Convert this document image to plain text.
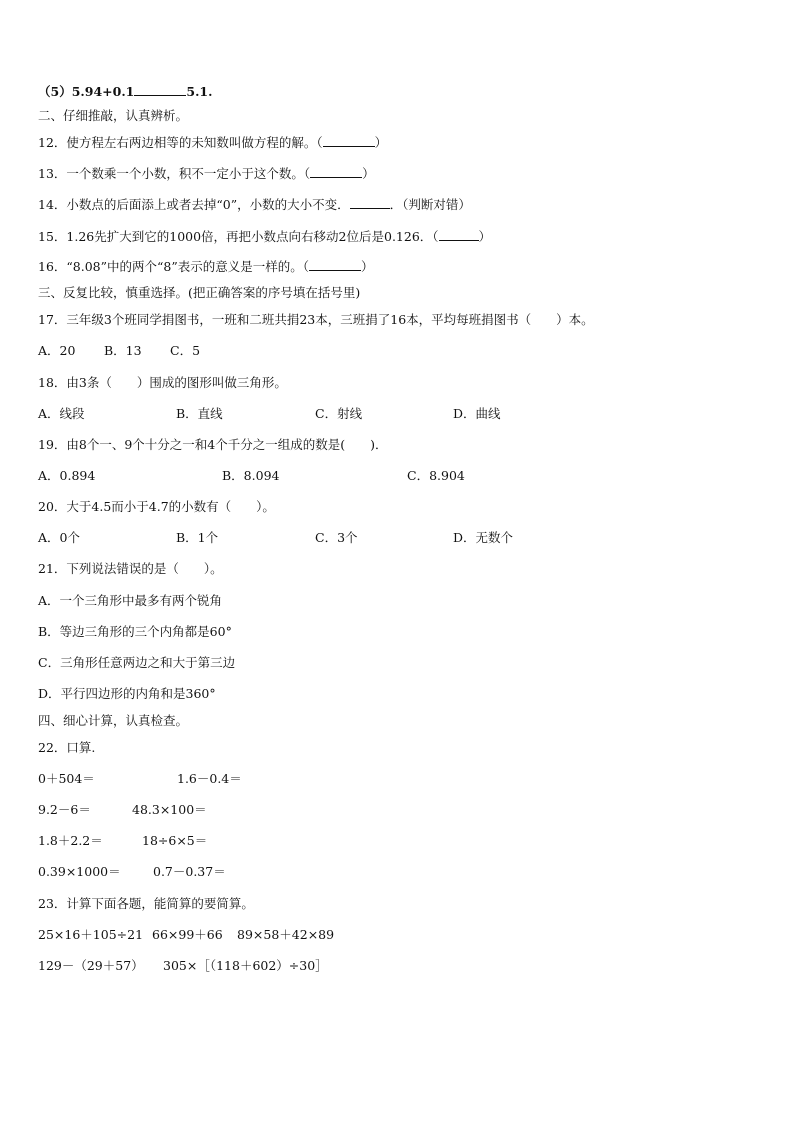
（5）5.94+0.1	5.1.
二、仔细推敲，认真辨析。
12．使方程左右两边相等的未知数叫做方程的解。（	）
13．一个数乘一个小数，积不一定小于这个数。（	）
14．小数点的后面添上或者去掉“0”，小数的大小不变．	．（判断对错）
15．1.26先扩大到它的1000倍，再把小数点向右移动2位后是0.126．（	）
16．“8.08”中的两个“8”表示的意义是一样的。（	）
三、反复比较，慎重选择。(把正确答案的序号填在括号里)
17．三年级3个班同学捐图书，一班和二班共捐23本，三班捐了16本，平均每班捐图书（　　）本。
A．20 B．13 C．5
18．由3条（　　）围成的图形叫做三角形。
A．线段	B．直线	C．射线	D．曲线
19．由8个一、9个十分之一和4个千分之一组成的数是(　　)．
A．0.894	B．8.094	C．8.904
20．大于4.5而小于4.7的小数有（　　）。
A．0个	B．1个	C．3个	D．无数个
21．下列说法错误的是（　　）。
A．一个三角形中最多有两个锐角
B．等边三角形的三个内角都是60°
C．三角形任意两边之和大于第三边
D．平行四边形的内角和是360°
四、细心计算，认真检查。
22．口算.
0＋504＝	1.6－0.4＝
9.2－6＝	48.3×100＝
1.8＋2.2＝	18÷6×5＝
0.39×1000＝	0.7－0.37＝
23．计算下面各题，能简算的要简算。
25×16＋105÷21 66×99＋66 89×58＋42×89
129－（29＋57） 305×［（118＋602）÷30］
